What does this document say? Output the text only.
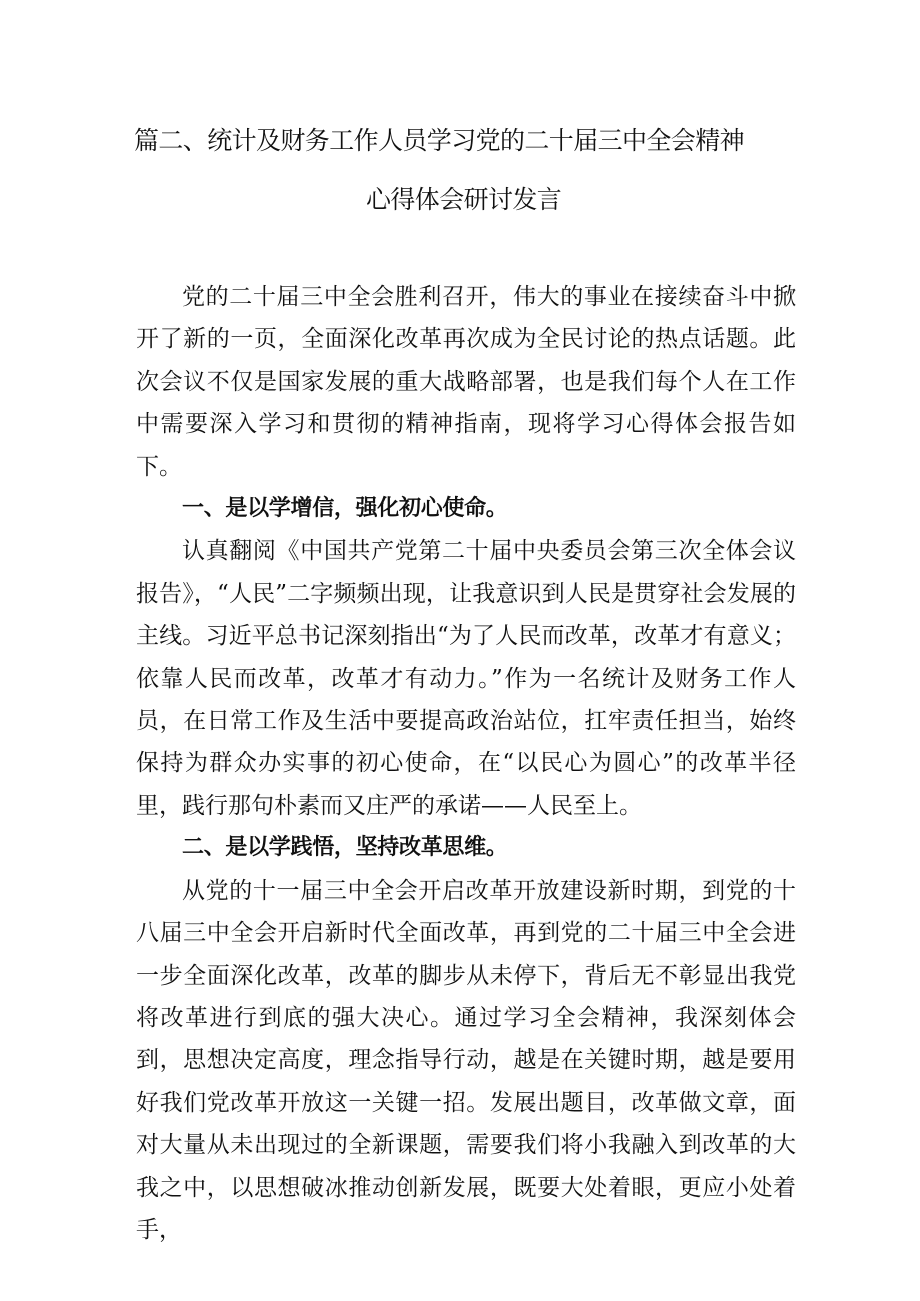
篇二、统计及财务工作人员学习党的二十届三中全会精神
心得体会研讨发言

党的二十届三中全会胜利召开，伟大的事业在接续奋斗中掀开了新的一页，全面深化改革再次成为全民讨论的热点话题。此次会议不仅是国家发展的重大战略部署，也是我们每个人在工作中需要深入学习和贯彻的精神指南，现将学习心得体会报告如下。

一、是以学增信，强化初心使命。

认真翻阅《中国共产党第二十届中央委员会第三次全体会议报告》，“人民”二字频频出现，让我意识到人民是贯穿社会发展的主线。习近平总书记深刻指出“为了人民而改革，改革才有意义；依靠人民而改革，改革才有动力。”作为一名统计及财务工作人员，在日常工作及生活中要提高政治站位，扛牢责任担当，始终保持为群众办实事的初心使命，在“以民心为圆心”的改革半径里，践行那句朴素而又庄严的承诺——人民至上。

二、是以学践悟，坚持改革思维。

从党的十一届三中全会开启改革开放建设新时期，到党的十八届三中全会开启新时代全面改革，再到党的二十届三中全会进一步全面深化改革，改革的脚步从未停下，背后无不彰显出我党将改革进行到底的强大决心。通过学习全会精神，我深刻体会到，思想决定高度，理念指导行动，越是在关键时期，越是要用好我们党改革开放这一关键一招。发展出题目，改革做文章，面对大量从未出现过的全新课题，需要我们将小我融入到改革的大我之中，以思想破冰推动创新发展，既要大处着眼，更应小处着手，
